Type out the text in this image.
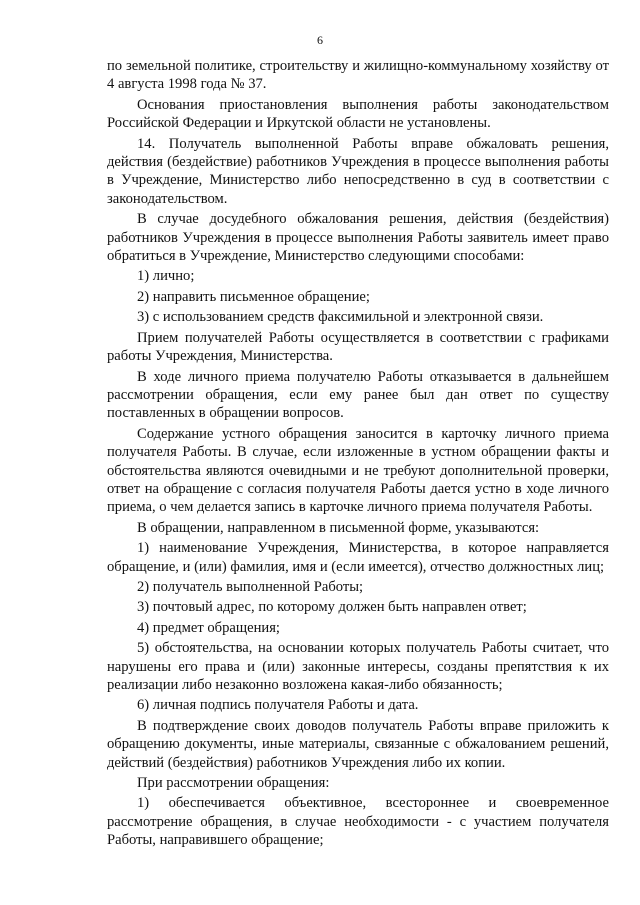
6

по земельной политике, строительству и жилищно-коммунальному хозяйству от 4 августа 1998 года № 37.

Основания приостановления выполнения работы законодательством Российской Федерации и Иркутской области не установлены.

14. Получатель выполненной Работы вправе обжаловать решения, действия (бездействие) работников Учреждения в процессе выполнения работы в Учреждение, Министерство либо непосредственно в суд в соответствии с законодательством.

В случае досудебного обжалования решения, действия (бездействия) работников Учреждения в процессе выполнения Работы заявитель имеет право обратиться в Учреждение, Министерство следующими способами:

1) лично;

2) направить письменное обращение;

3) с использованием средств факсимильной и электронной связи.

Прием получателей Работы осуществляется в соответствии с графиками работы Учреждения, Министерства.

В ходе личного приема получателю Работы отказывается в дальнейшем рассмотрении обращения, если ему ранее был дан ответ по существу поставленных в обращении вопросов.

Содержание устного обращения заносится в карточку личного приема получателя Работы. В случае, если изложенные в устном обращении факты и обстоятельства являются очевидными и не требуют дополнительной проверки, ответ на обращение с согласия получателя Работы дается устно в ходе личного приема, о чем делается запись в карточке личного приема получателя Работы.

В обращении, направленном в письменной форме, указываются:

1) наименование Учреждения, Министерства, в которое направляется обращение, и (или) фамилия, имя и (если имеется), отчество должностных лиц;

2) получатель выполненной Работы;

3) почтовый адрес, по которому должен быть направлен ответ;

4) предмет обращения;

5) обстоятельства, на основании которых получатель Работы считает, что нарушены его права и (или) законные интересы, созданы препятствия к их реализации либо незаконно возложена какая-либо обязанность;

6) личная подпись получателя Работы и дата.

В подтверждение своих доводов получатель Работы вправе приложить к обращению документы, иные материалы, связанные с обжалованием решений, действий (бездействия) работников Учреждения либо их копии.

При рассмотрении обращения:

1) обеспечивается объективное, всестороннее и своевременное рассмотрение обращения, в случае необходимости - с участием получателя Работы, направившего обращение;
